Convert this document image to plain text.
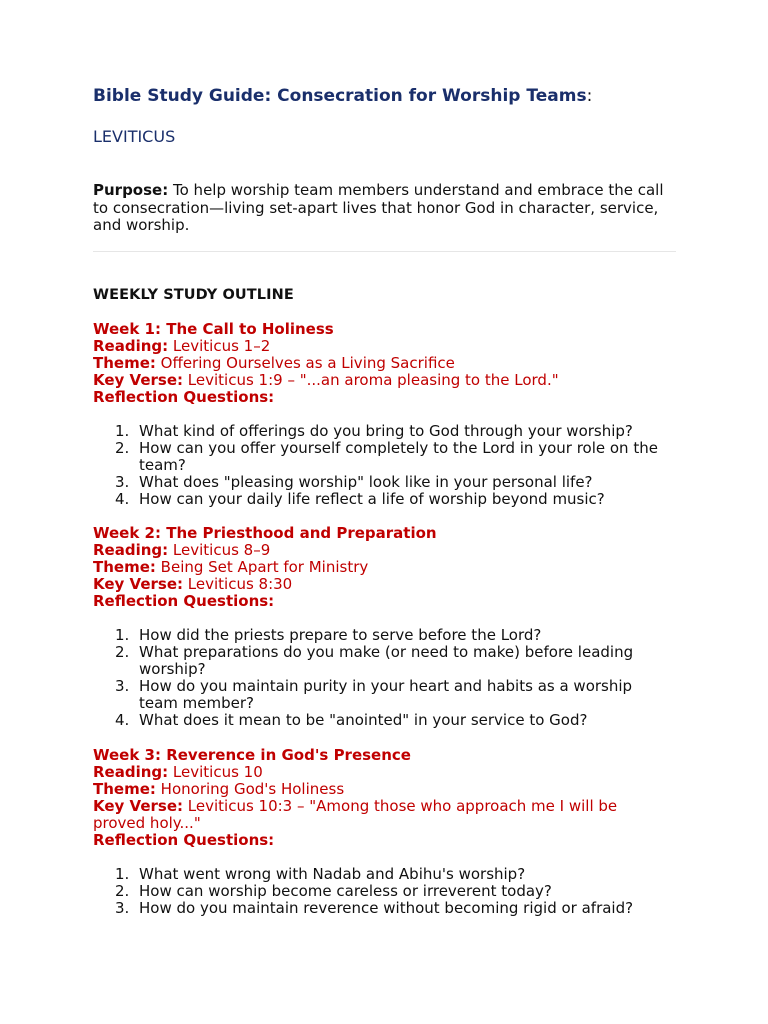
Bible Study Guide: Consecration for Worship Teams:

LEVITICUS

Purpose: To help worship team members understand and embrace the call to consecration—living set-apart lives that honor God in character, service, and worship.

WEEKLY STUDY OUTLINE

Week 1: The Call to Holiness

Reading: Leviticus 1–2

Theme: Offering Ourselves as a Living Sacrifice

Key Verse: Leviticus 1:9 – "...an aroma pleasing to the Lord."

Reflection Questions:

1. What kind of offerings do you bring to God through your worship?
2. How can you offer yourself completely to the Lord in your role on the team?
3. What does "pleasing worship" look like in your personal life?
4. How can your daily life reflect a life of worship beyond music?

Week 2: The Priesthood and Preparation

Reading: Leviticus 8–9

Theme: Being Set Apart for Ministry

Key Verse: Leviticus 8:30

Reflection Questions:

1. How did the priests prepare to serve before the Lord?
2. What preparations do you make (or need to make) before leading worship?
3. How do you maintain purity in your heart and habits as a worship team member?
4. What does it mean to be "anointed" in your service to God?

Week 3: Reverence in God's Presence

Reading: Leviticus 10

Theme: Honoring God's Holiness

Key Verse: Leviticus 10:3 – "Among those who approach me I will be proved holy..."

Reflection Questions:

1. What went wrong with Nadab and Abihu's worship?
2. How can worship become careless or irreverent today?
3. How do you maintain reverence without becoming rigid or afraid?
